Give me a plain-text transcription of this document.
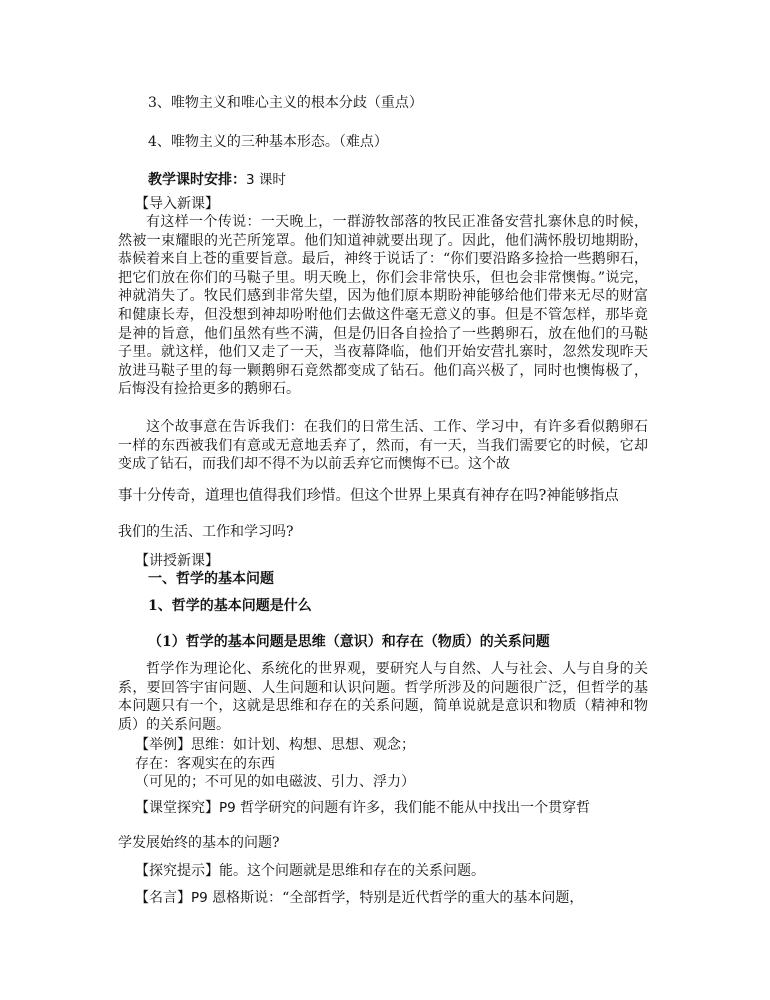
3、唯物主义和唯心主义的根本分歧（重点）

4、唯物主义的三种基本形态。（难点）

教学课时安排：3 课时

【导入新课】

有这样一个传说：一天晚上，一群游牧部落的牧民正准备安营扎寨休息的时候，然被一束耀眼的光芒所笼罩。他们知道神就要出现了。因此，他们满怀殷切地期盼，恭候着来自上苍的重要旨意。最后，神终于说话了：“你们要沿路多捡拾一些鹅卵石，把它们放在你们的马鞑子里。明天晚上，你们会非常快乐，但也会非常懊悔。”说完，神就消失了。牧民们感到非常失望，因为他们原本期盼神能够给他们带来无尽的财富和健康长寿，但没想到神却吩咐他们去做这件毫无意义的事。但是不管怎样，那毕竟是神的旨意，他们虽然有些不满，但是仍旧各自捡拾了一些鹅卵石，放在他们的马鞑子里。就这样，他们又走了一天，当夜幕降临，他们开始安营扎寨时，忽然发现昨天放进马鞑子里的每一颗鹅卵石竟然都变成了钻石。他们高兴极了，同时也懊悔极了，后悔没有捡拾更多的鹅卵石。

这个故事意在告诉我们：在我们的日常生活、工作、学习中，有许多看似鹅卵石一样的东西被我们有意或无意地丢弃了，然而，有一天，当我们需要它的时候，它却变成了钻石，而我们却不得不为以前丢弃它而懊悔不已。这个故

事十分传奇，道理也值得我们珍惜。但这个世界上果真有神存在吗?神能够指点

我们的生活、工作和学习吗?

【讲授新课】

一、哲学的基本问题

1、哲学的基本问题是什么

（1）哲学的基本问题是思维（意识）和存在（物质）的关系问题

哲学作为理论化、系统化的世界观，要研究人与自然、人与社会、人与自身的关系，要回答宇宙问题、人生问题和认识问题。哲学所涉及的问题很广泛，但哲学的基本问题只有一个，这就是思维和存在的关系问题，简单说就是意识和物质（精神和物质）的关系问题。

【举例】思维：如计划、构想、思想、观念；

存在：客观实在的东西

（可见的；不可见的如电磁波、引力、浮力）

【课堂探究】P9 哲学研究的问题有许多，我们能不能从中找出一个贯穿哲

学发展始终的基本的问题?

【探究提示】能。这个问题就是思维和存在的关系问题。

【名言】P9 恩格斯说：“全部哲学，特别是近代哲学的重大的基本问题，
